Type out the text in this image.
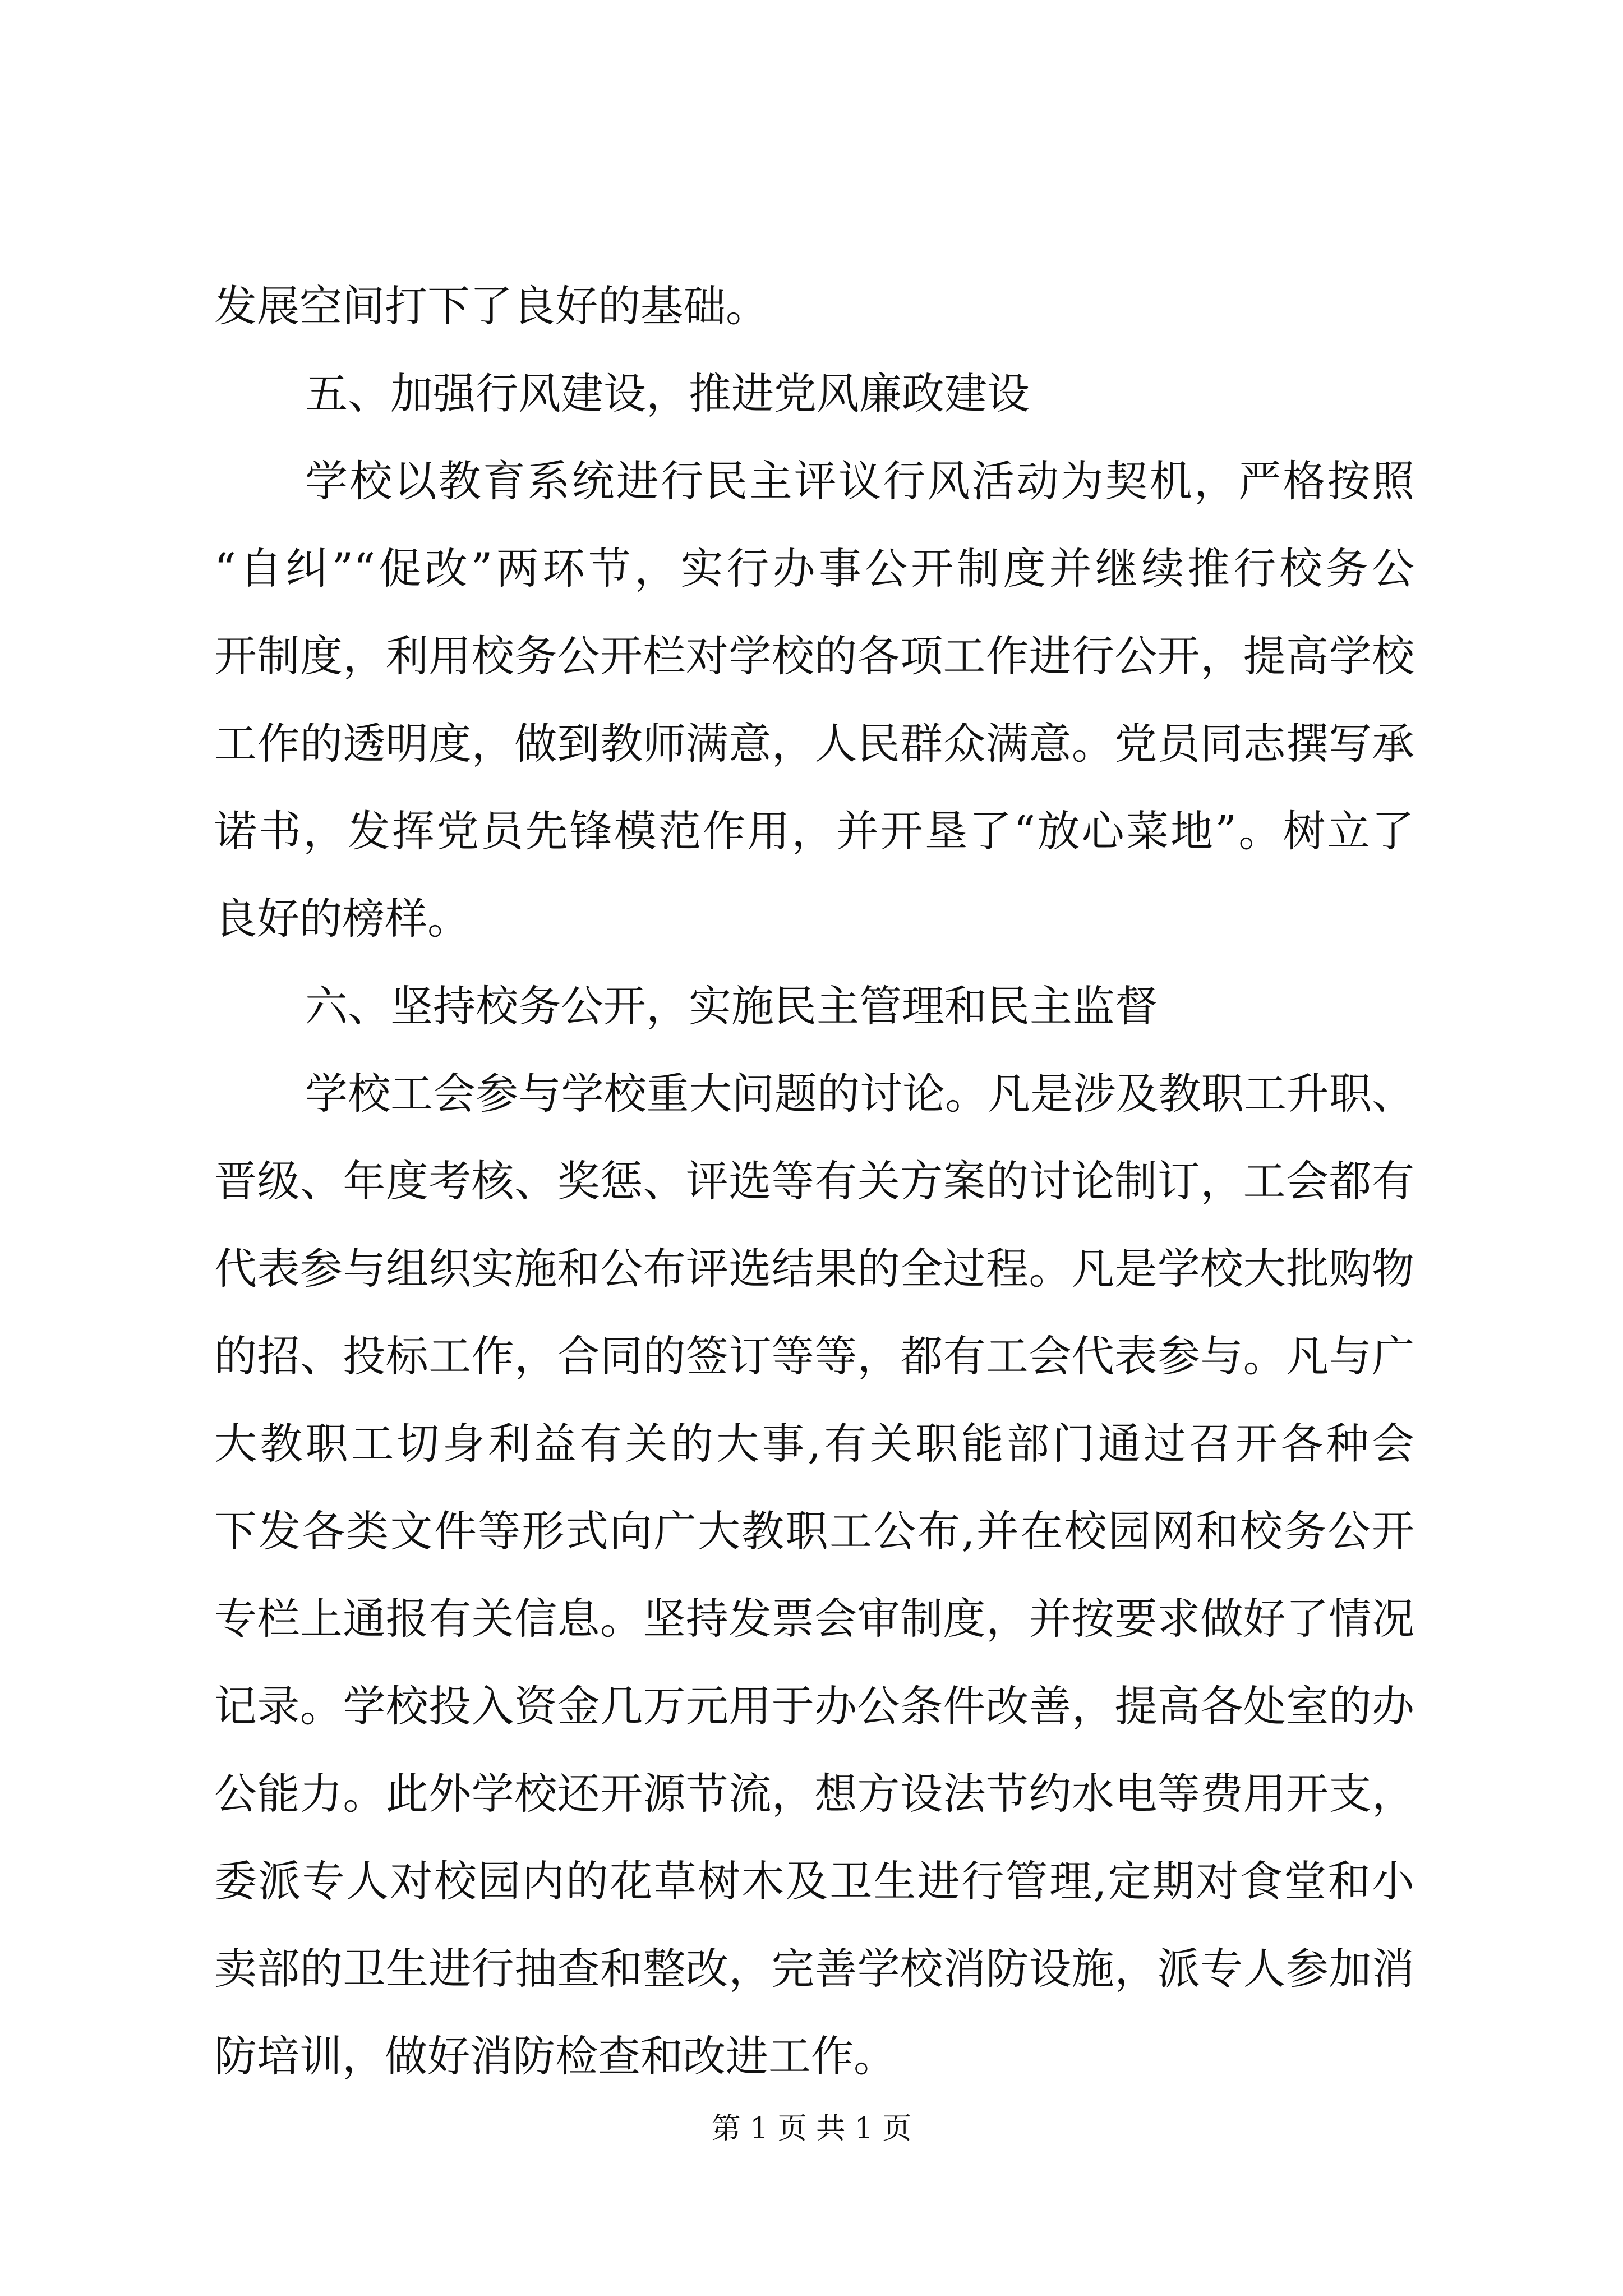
发展空间打下了良好的基础。
五、加强行风建设，推进党风廉政建设
学校以教育系统进行民主评议行风活动为契机，严格按照
“自纠”“促改”两环节，实行办事公开制度并继续推行校务公
开制度，利用校务公开栏对学校的各项工作进行公开，提高学校
工作的透明度，做到教师满意，人民群众满意。党员同志撰写承
诺书，发挥党员先锋模范作用，并开垦了“放心菜地”。树立了
良好的榜样。
六、坚持校务公开，实施民主管理和民主监督
学校工会参与学校重大问题的讨论。凡是涉及教职工升职、
晋级、年度考核、奖惩、评选等有关方案的讨论制订，工会都有
代表参与组织实施和公布评选结果的全过程。凡是学校大批购物
的招、投标工作，合同的签订等等，都有工会代表参与。凡与广
大教职工切身利益有关的大事,有关职能部门通过召开各种会
下发各类文件等形式向广大教职工公布,并在校园网和校务公开
专栏上通报有关信息。坚持发票会审制度，并按要求做好了情况
记录。学校投入资金几万元用于办公条件改善，提高各处室的办
公能力。此外学校还开源节流，想方设法节约水电等费用开支，
委派专人对校园内的花草树木及卫生进行管理,定期对食堂和小
卖部的卫生进行抽查和整改，完善学校消防设施，派专人参加消
防培训，做好消防检查和改进工作。
第 1 页 共 1 页
